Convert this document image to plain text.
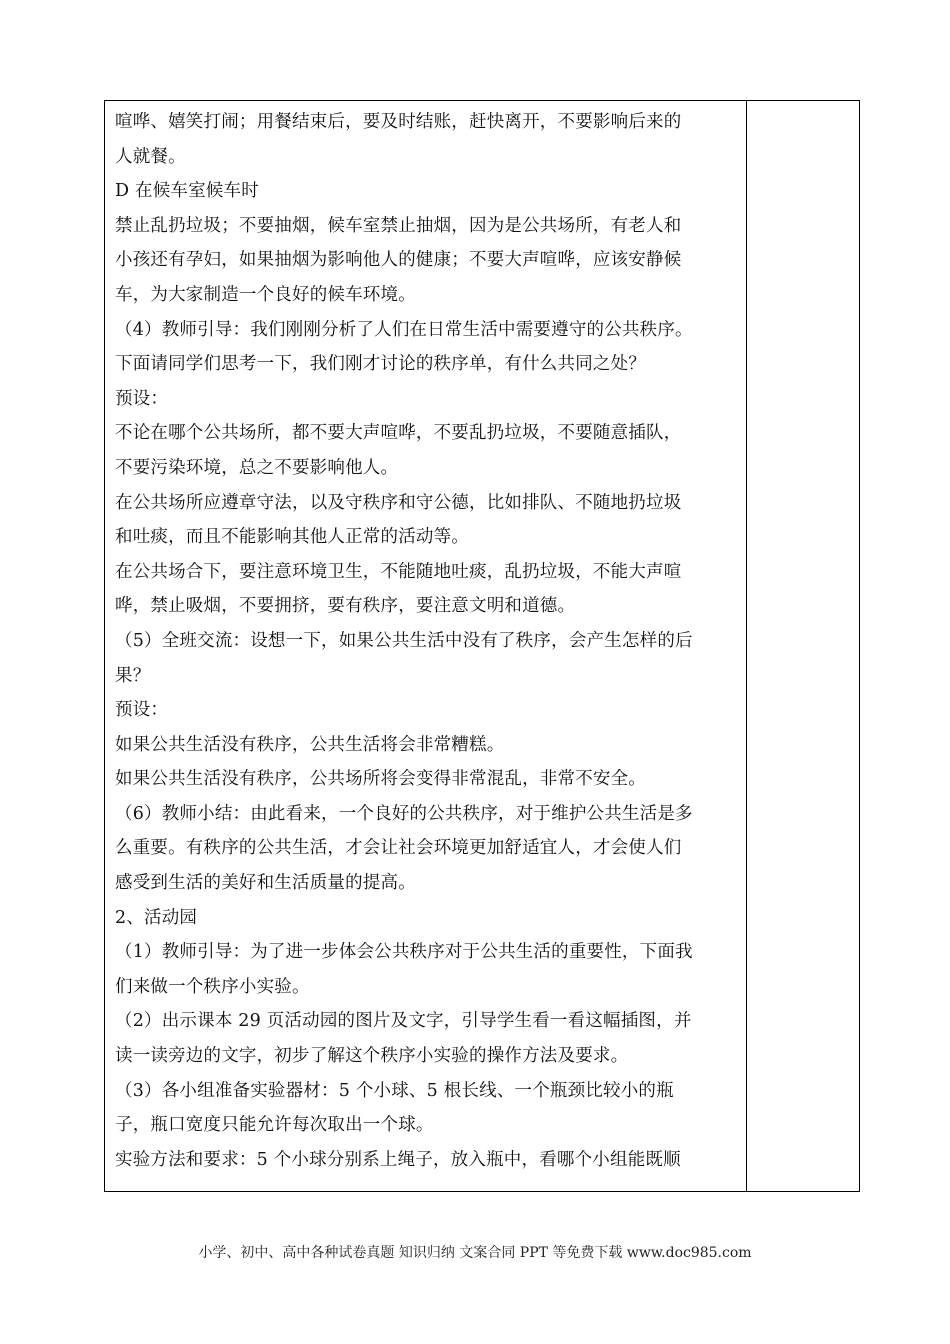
喧哗、嬉笑打闹；用餐结束后，要及时结账，赶快离开，不要影响后来的
人就餐。
D 在候车室候车时
禁止乱扔垃圾；不要抽烟，候车室禁止抽烟，因为是公共场所，有老人和
小孩还有孕妇，如果抽烟为影响他人的健康；不要大声喧哗，应该安静候
车，为大家制造一个良好的候车环境。
（4）教师引导：我们刚刚分析了人们在日常生活中需要遵守的公共秩序。
下面请同学们思考一下，我们刚才讨论的秩序单，有什么共同之处？
预设：
不论在哪个公共场所，都不要大声喧哗，不要乱扔垃圾，不要随意插队，
不要污染环境，总之不要影响他人。
在公共场所应遵章守法，以及守秩序和守公德，比如排队、不随地扔垃圾
和吐痰，而且不能影响其他人正常的活动等。
在公共场合下，要注意环境卫生，不能随地吐痰，乱扔垃圾，不能大声喧
哗，禁止吸烟，不要拥挤，要有秩序，要注意文明和道德。
（5）全班交流：设想一下，如果公共生活中没有了秩序，会产生怎样的后
果？
预设：
如果公共生活没有秩序，公共生活将会非常糟糕。
如果公共生活没有秩序，公共场所将会变得非常混乱，非常不安全。
（6）教师小结：由此看来，一个良好的公共秩序，对于维护公共生活是多
么重要。有秩序的公共生活，才会让社会环境更加舒适宜人，才会使人们
感受到生活的美好和生活质量的提高。
2、活动园
（1）教师引导：为了进一步体会公共秩序对于公共生活的重要性，下面我
们来做一个秩序小实验。
（2）出示课本 29 页活动园的图片及文字，引导学生看一看这幅插图，并
读一读旁边的文字，初步了解这个秩序小实验的操作方法及要求。
（3）各小组准备实验器材：5 个小球、5 根长线、一个瓶颈比较小的瓶
子，瓶口宽度只能允许每次取出一个球。
实验方法和要求：5 个小球分别系上绳子，放入瓶中，看哪个小组能既顺
小学、初中、高中各种试卷真题 知识归纳 文案合同 PPT 等免费下载 www.doc985.com
